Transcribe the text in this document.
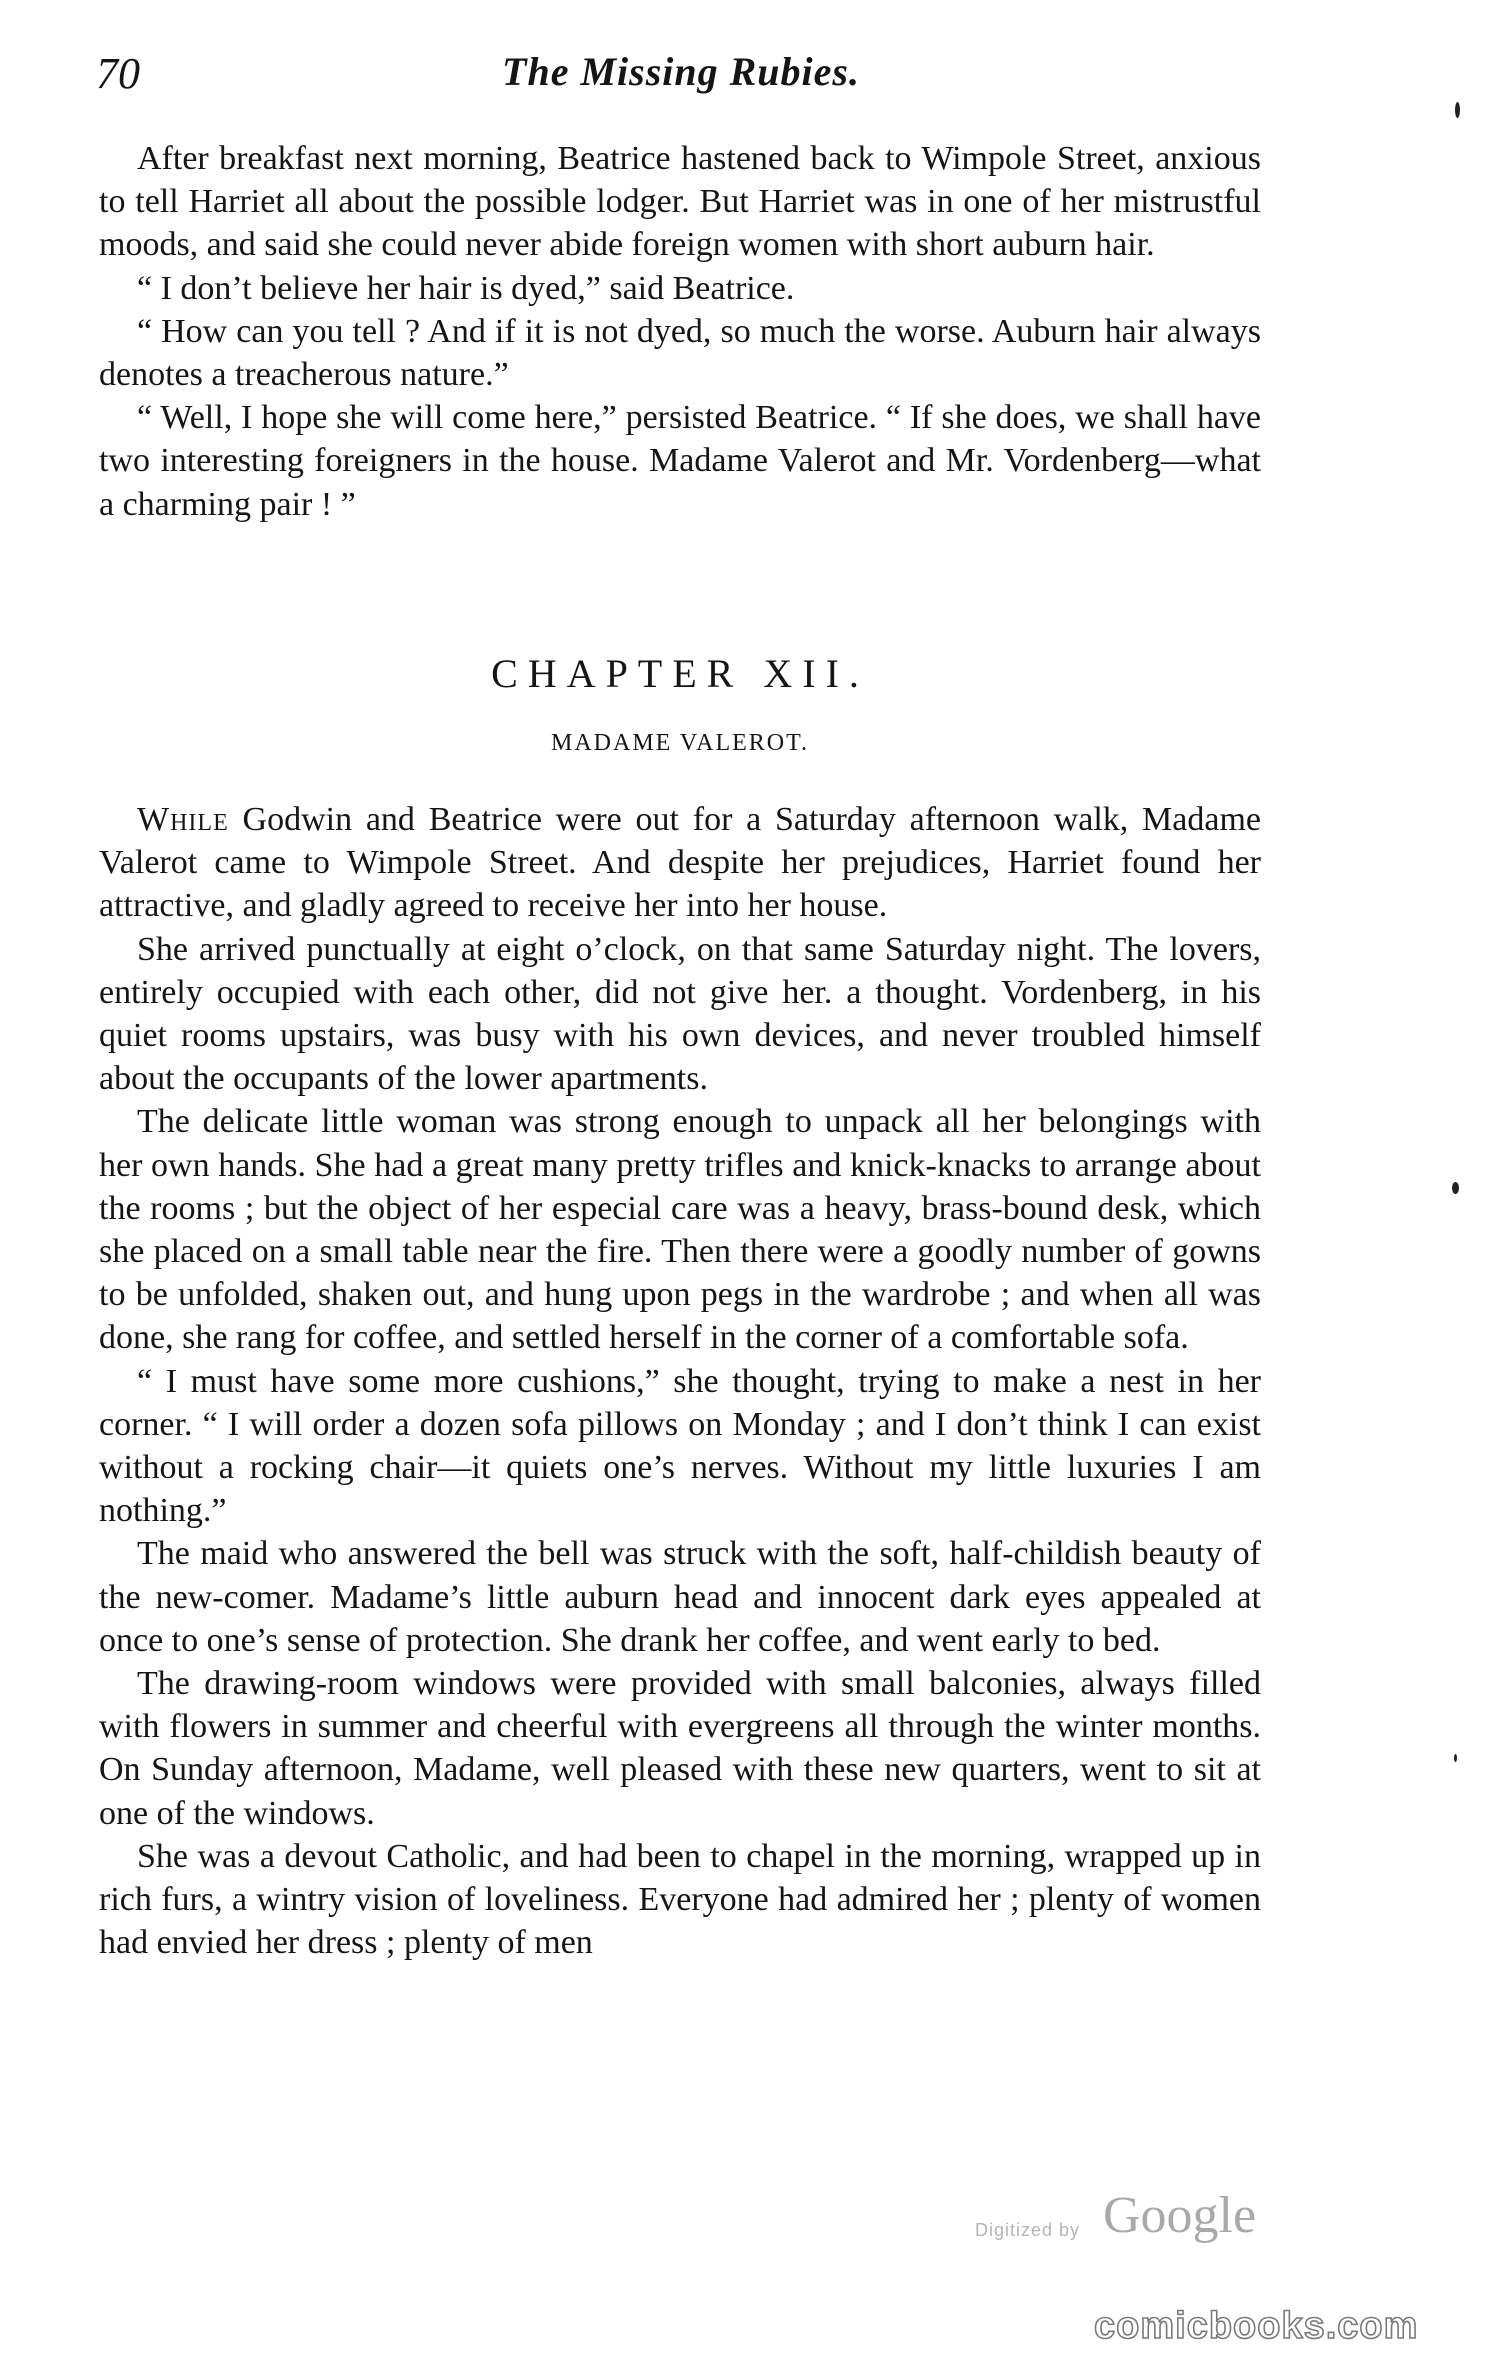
70	The Missing Rubies.

After breakfast next morning, Beatrice hastened back to Wimpole Street, anxious to tell Harriet all about the possible lodger. But Harriet was in one of her mistrustful moods, and said she could never abide foreign women with short auburn hair.

“ I don’t believe her hair is dyed,” said Beatrice.

“ How can you tell ? And if it is not dyed, so much the worse. Auburn hair always denotes a treacherous nature.”

“ Well, I hope she will come here,” persisted Beatrice. “ If she does, we shall have two interesting foreigners in the house. Madame Valerot and Mr. Vordenberg—what a charming pair ! ”

CHAPTER XII.
MADAME VALEROT.

While Godwin and Beatrice were out for a Saturday afternoon walk, Madame Valerot came to Wimpole Street. And despite her prejudices, Harriet found her attractive, and gladly agreed to receive her into her house.

She arrived punctually at eight o’clock, on that same Saturday night. The lovers, entirely occupied with each other, did not give her. a thought. Vordenberg, in his quiet rooms upstairs, was busy with his own devices, and never troubled himself about the occupants of the lower apartments.

The delicate little woman was strong enough to unpack all her belongings with her own hands. She had a great many pretty trifles and knick-knacks to arrange about the rooms ; but the object of her especial care was a heavy, brass-bound desk, which she placed on a small table near the fire. Then there were a goodly number of gowns to be unfolded, shaken out, and hung upon pegs in the wardrobe ; and when all was done, she rang for coffee, and settled herself in the corner of a comfortable sofa.

“ I must have some more cushions,” she thought, trying to make a nest in her corner. “ I will order a dozen sofa pillows on Monday ; and I don’t think I can exist without a rocking chair—it quiets one’s nerves. Without my little luxuries I am nothing.”

The maid who answered the bell was struck with the soft, half-childish beauty of the new-comer. Madame’s little auburn head and innocent dark eyes appealed at once to one’s sense of protection. She drank her coffee, and went early to bed.

The drawing-room windows were provided with small balconies, always filled with flowers in summer and cheerful with evergreens all through the winter months. On Sunday afternoon, Madame, well pleased with these new quarters, went to sit at one of the windows.

She was a devout Catholic, and had been to chapel in the morning, wrapped up in rich furs, a wintry vision of loveliness. Everyone had admired her ; plenty of women had envied her dress ; plenty of men

Digitized by Google
comicbooks.com
